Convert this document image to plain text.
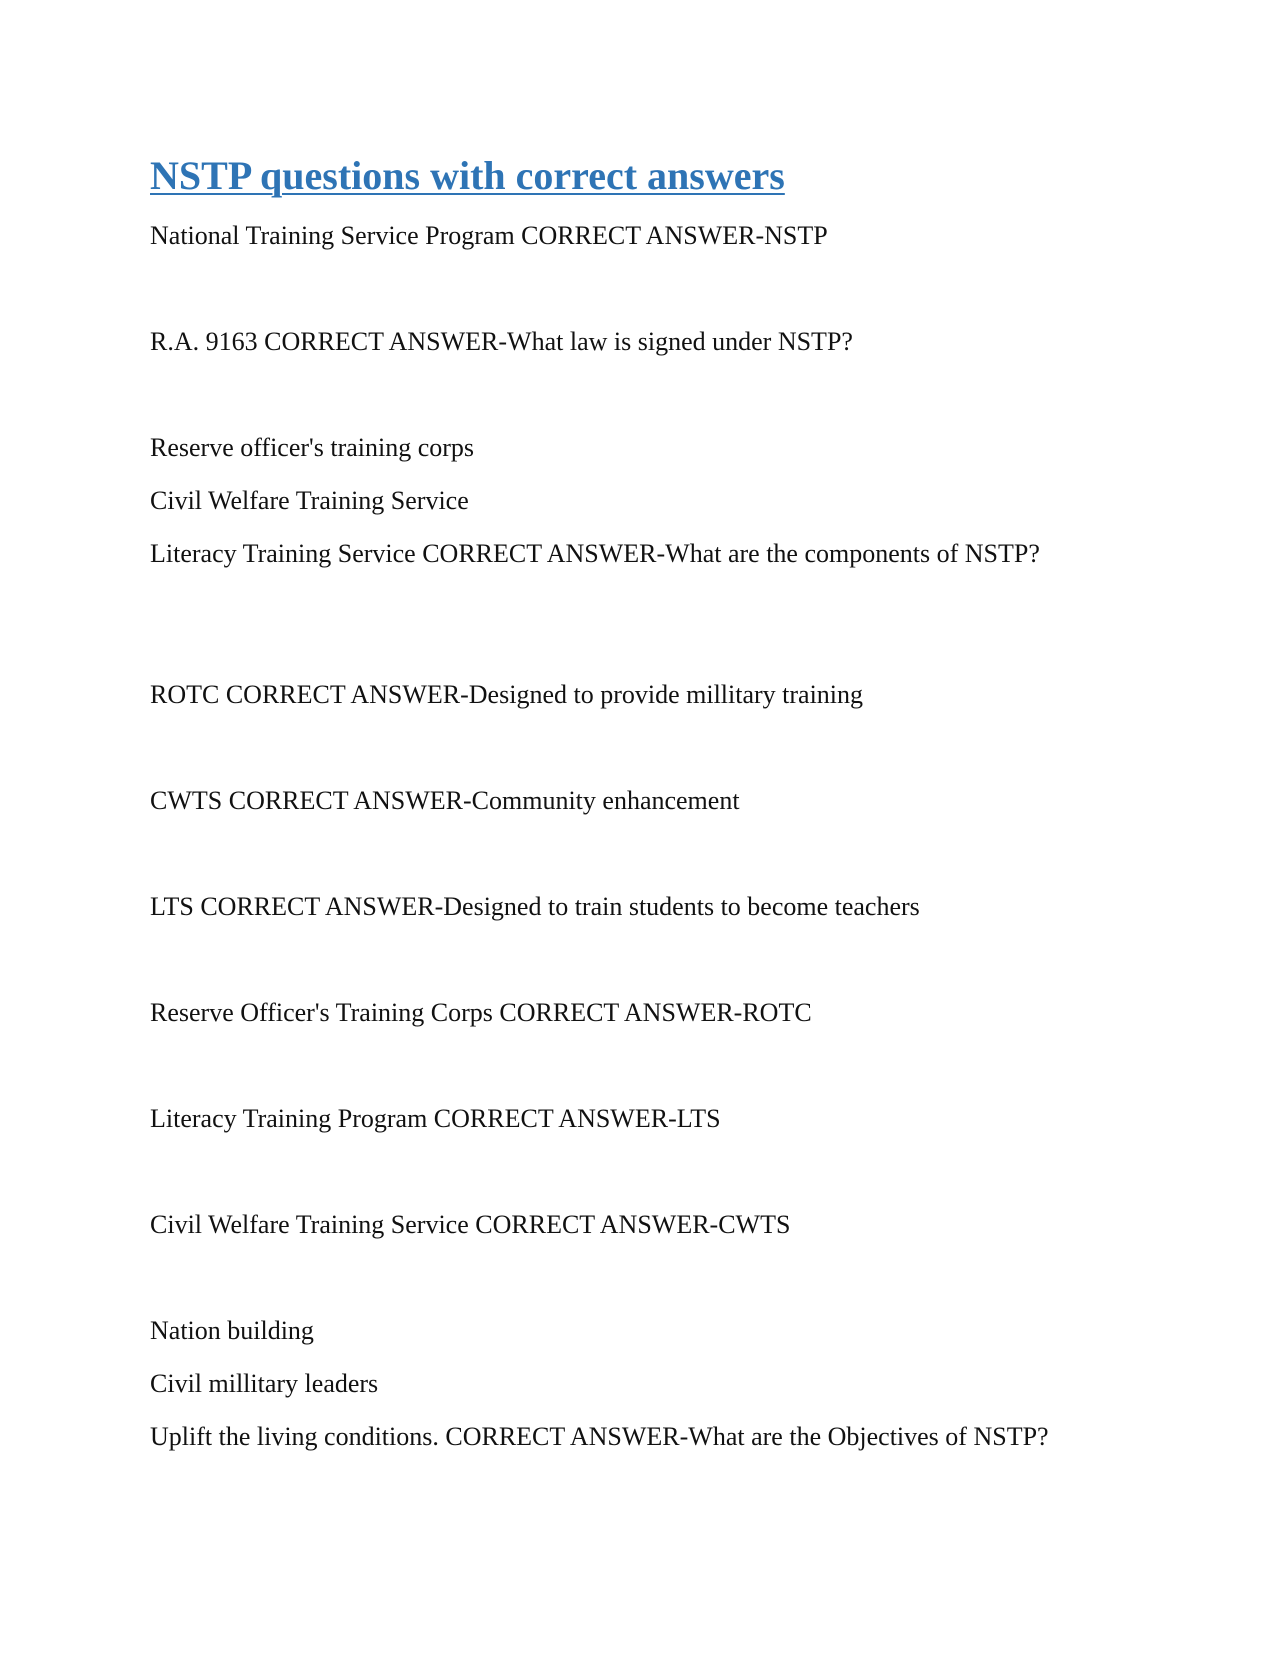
NSTP questions with correct answers

National Training Service Program CORRECT ANSWER-NSTP

R.A. 9163 CORRECT ANSWER-What law is signed under NSTP?

Reserve officer's training corps

Civil Welfare Training Service

Literacy Training Service CORRECT ANSWER-What are the components of NSTP?

ROTC CORRECT ANSWER-Designed to provide millitary training

CWTS CORRECT ANSWER-Community enhancement

LTS CORRECT ANSWER-Designed to train students to become teachers

Reserve Officer's Training Corps CORRECT ANSWER-ROTC

Literacy Training Program CORRECT ANSWER-LTS

Civil Welfare Training Service CORRECT ANSWER-CWTS

Nation building

Civil millitary leaders

Uplift the living conditions. CORRECT ANSWER-What are the Objectives of NSTP?
